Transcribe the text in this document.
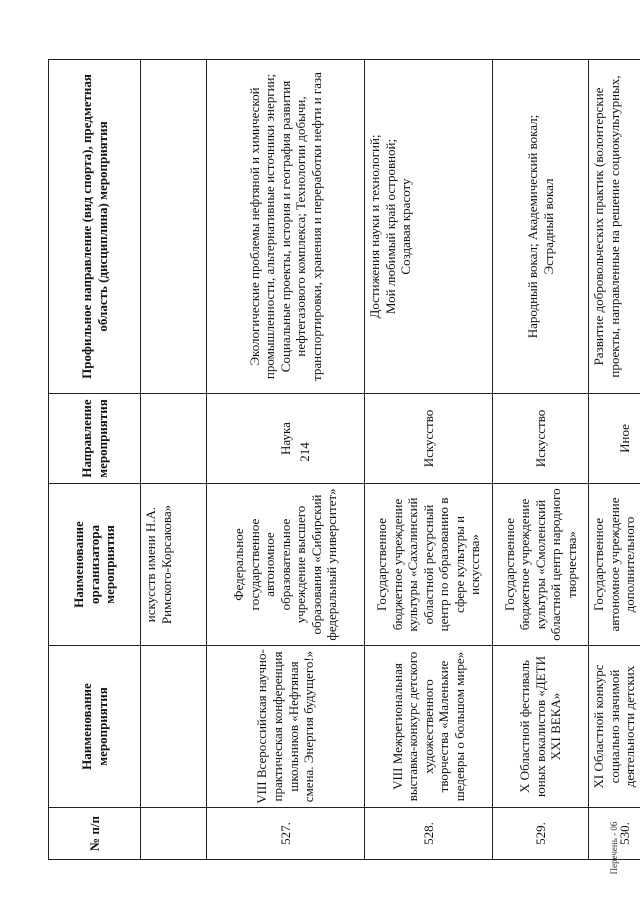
214
Перечень - 06
№ п/п	Наименование мероприятия	Наименование организатора мероприятия	Направление мероприятия	Профильное направление (вид спорта), предметная область (дисциплина) мероприятия
		искусств имени Н.А. Римского-Корсакова»		
527.	VIII Всероссийская научно-практическая конференция школьников «Нефтяная смена. Энергия будущего!»	Федеральное государственное автономное образовательное учреждение высшего образования «Сибирский федеральный университет»	Наука	Экологические проблемы нефтяной и химической промышленности, альтернативные источники энергии; Социальные проекты, история и география развития нефтегазового комплекса; Технологии добычи, транспортировки, хранения и переработки нефти и газа
528.	VIII Межрегиональная выставка-конкурс детского художественного творчества «Маленькие шедевры о большом мире»	Государственное бюджетное учреждение культуры «Сахалинский областной ресурсный центр по образованию в сфере культуры и искусства»	Искусство	Достижения науки и технологий;
Мой любимый край островной;
Создавая красоту
529.	X Областной фестиваль юных вокалистов «ДЕТИ XXI ВЕКА»	Государственное бюджетное учреждение культуры «Смоленский областной центр народного творчества»	Искусство	Народный вокал; Академический вокал;
Эстрадный вокал
530.	XI Областной конкурс социально значимой деятельности детских	Государственное автономное учреждение дополнительного	Иное	Развитие добровольческих практик (волонтерские проекты, направленные на решение социокультурных,
